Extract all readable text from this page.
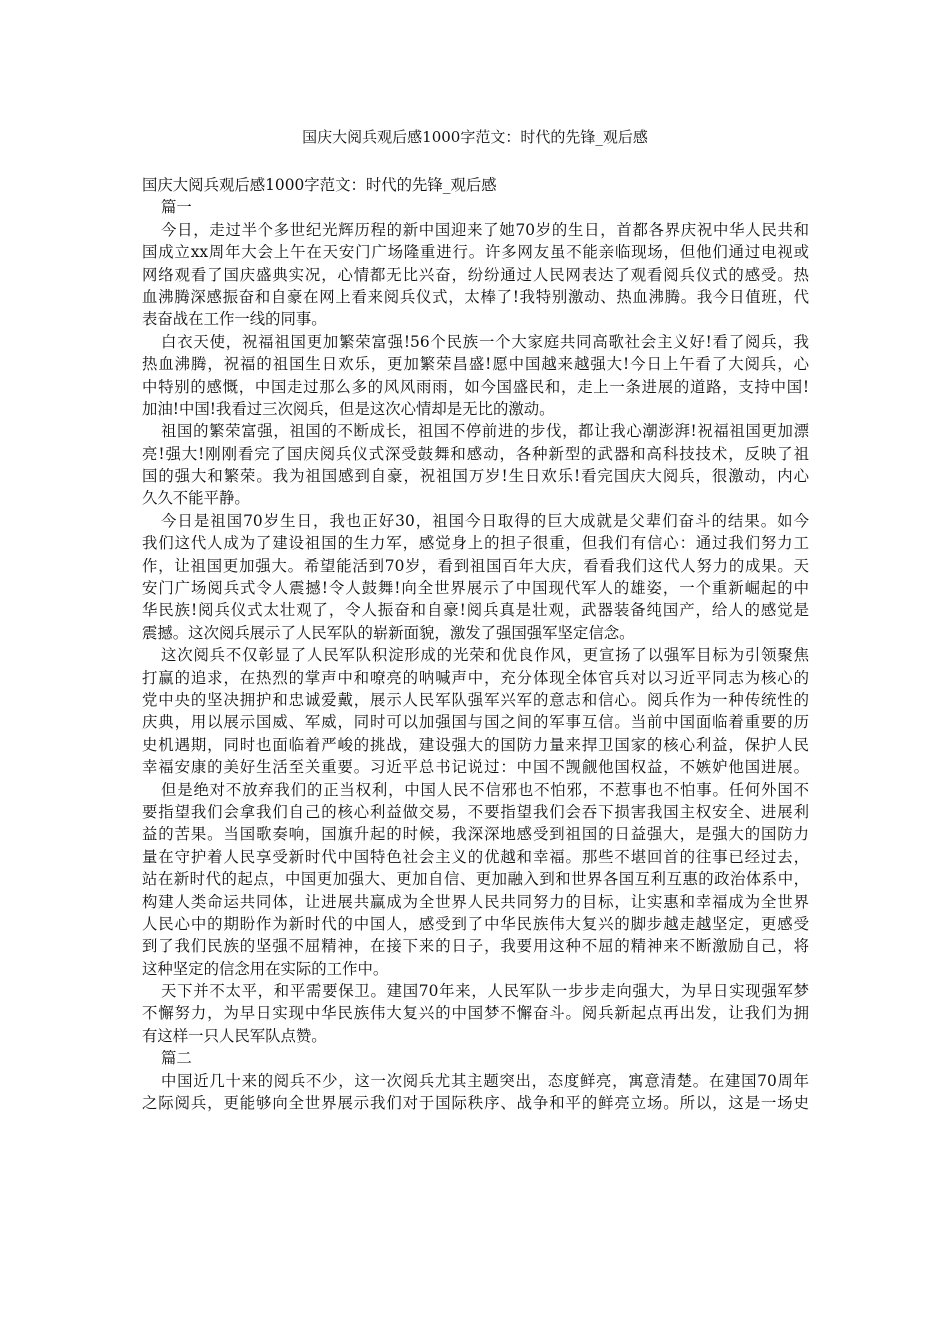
国庆大阅兵观后感1000字范文：时代的先锋_观后感
国庆大阅兵观后感1000字范文：时代的先锋_观后感
篇一
今日，走过半个多世纪光辉历程的新中国迎来了她70岁的生日，首都各界庆祝中华人民共和
国成立xx周年大会上午在天安门广场隆重进行。许多网友虽不能亲临现场，但他们通过电视或
网络观看了国庆盛典实况，心情都无比兴奋，纷纷通过人民网表达了观看阅兵仪式的感受。热
血沸腾深感振奋和自豪在网上看来阅兵仪式，太棒了!我特别激动、热血沸腾。我今日值班，代
表奋战在工作一线的同事。
白衣天使，祝福祖国更加繁荣富强!56个民族一个大家庭共同高歌社会主义好!看了阅兵，我
热血沸腾，祝福的祖国生日欢乐，更加繁荣昌盛!愿中国越来越强大!今日上午看了大阅兵，心
中特别的感慨，中国走过那么多的风风雨雨，如今国盛民和，走上一条进展的道路，支持中国!
加油!中国!我看过三次阅兵，但是这次心情却是无比的激动。
祖国的繁荣富强，祖国的不断成长，祖国不停前进的步伐，都让我心潮澎湃!祝福祖国更加漂
亮!强大!刚刚看完了国庆阅兵仪式深受鼓舞和感动，各种新型的武器和高科技技术，反映了祖
国的强大和繁荣。我为祖国感到自豪，祝祖国万岁!生日欢乐!看完国庆大阅兵，很激动，内心
久久不能平静。
今日是祖国70岁生日，我也正好30，祖国今日取得的巨大成就是父辈们奋斗的结果。如今
我们这代人成为了建设祖国的生力军，感觉身上的担子很重，但我们有信心：通过我们努力工
作，让祖国更加强大。希望能活到70岁，看到祖国百年大庆，看看我们这代人努力的成果。天
安门广场阅兵式令人震撼!令人鼓舞!向全世界展示了中国现代军人的雄姿，一个重新崛起的中
华民族!阅兵仪式太壮观了，令人振奋和自豪!阅兵真是壮观，武器装备纯国产，给人的感觉是
震撼。这次阅兵展示了人民军队的崭新面貌，激发了强国强军坚定信念。
这次阅兵不仅彰显了人民军队积淀形成的光荣和优良作风，更宣扬了以强军目标为引领聚焦
打赢的追求，在热烈的掌声中和嘹亮的呐喊声中，充分体现全体官兵对以习近平同志为核心的
党中央的坚决拥护和忠诚爱戴，展示人民军队强军兴军的意志和信心。阅兵作为一种传统性的
庆典，用以展示国威、军威，同时可以加强国与国之间的军事互信。当前中国面临着重要的历
史机遇期，同时也面临着严峻的挑战，建设强大的国防力量来捍卫国家的核心利益，保护人民
幸福安康的美好生活至关重要。习近平总书记说过：中国不觊觎他国权益，不嫉妒他国进展。
但是绝对不放弃我们的正当权利，中国人民不信邪也不怕邪，不惹事也不怕事。任何外国不
要指望我们会拿我们自己的核心利益做交易，不要指望我们会吞下损害我国主权安全、进展利
益的苦果。当国歌奏响，国旗升起的时候，我深深地感受到祖国的日益强大，是强大的国防力
量在守护着人民享受新时代中国特色社会主义的优越和幸福。那些不堪回首的往事已经过去，
站在新时代的起点，中国更加强大、更加自信、更加融入到和世界各国互利互惠的政治体系中，
构建人类命运共同体，让进展共赢成为全世界人民共同努力的目标，让实惠和幸福成为全世界
人民心中的期盼作为新时代的中国人，感受到了中华民族伟大复兴的脚步越走越坚定，更感受
到了我们民族的坚强不屈精神，在接下来的日子，我要用这种不屈的精神来不断激励自己，将
这种坚定的信念用在实际的工作中。
天下并不太平，和平需要保卫。建国70年来，人民军队一步步走向强大，为早日实现强军梦
不懈努力，为早日实现中华民族伟大复兴的中国梦不懈奋斗。阅兵新起点再出发，让我们为拥
有这样一只人民军队点赞。
篇二
中国近几十来的阅兵不少，这一次阅兵尤其主题突出，态度鲜亮，寓意清楚。在建国70周年
之际阅兵，更能够向全世界展示我们对于国际秩序、战争和平的鲜亮立场。所以，这是一场史
